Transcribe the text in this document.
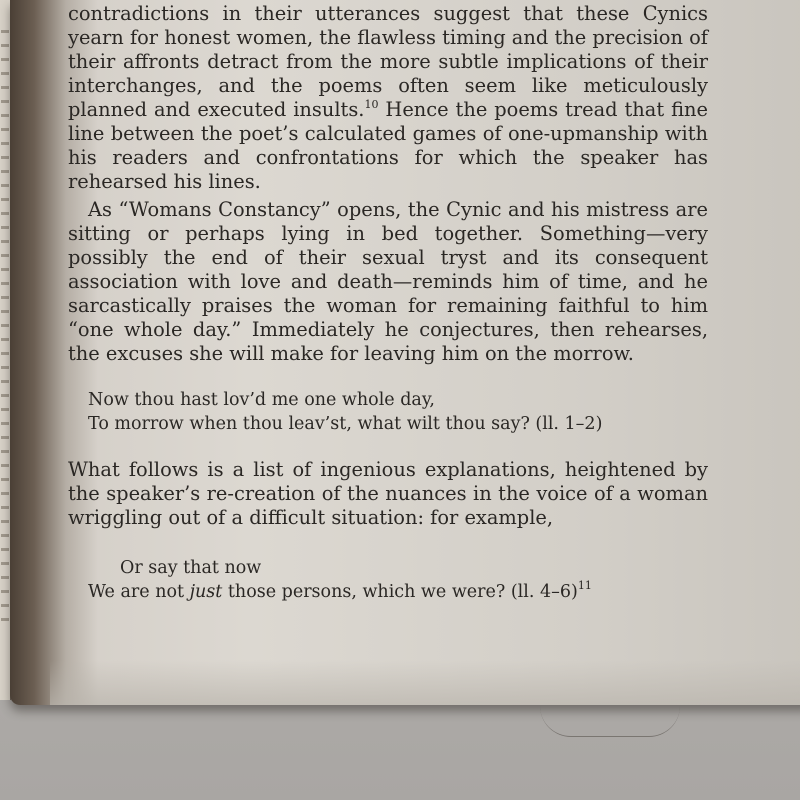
contradictions in their utterances suggest that these Cynics yearn for honest women, the flawless timing and the precision of their affronts detract from the more subtle implications of their interchanges, and the poems often seem like meticulously planned and executed insults.$^{10}$ Hence the poems tread that fine line between the poet’s calculated games of one-upmanship with his readers and confrontations for which the speaker has rehearsed his lines.

As “Womans Constancy” opens, the Cynic and his mistress are sitting or perhaps lying in bed together. Something—very possibly the end of their sexual tryst and its consequent association with love and death—reminds him of time, and he sarcastically praises the woman for remaining faithful to him “one whole day.” Immediately he conjectures, then rehearses, the excuses she will make for leaving him on the morrow.

Now thou hast lov’d me one whole day,
To morrow when thou leav’st, what wilt thou say? (ll. 1–2)

What follows is a list of ingenious explanations, heightened by the speaker’s re-creation of the nuances in the voice of a woman wriggling out of a difficult situation: for example,

Or say that now
We are not just those persons, which we were? (ll. 4–6)$^{11}$
